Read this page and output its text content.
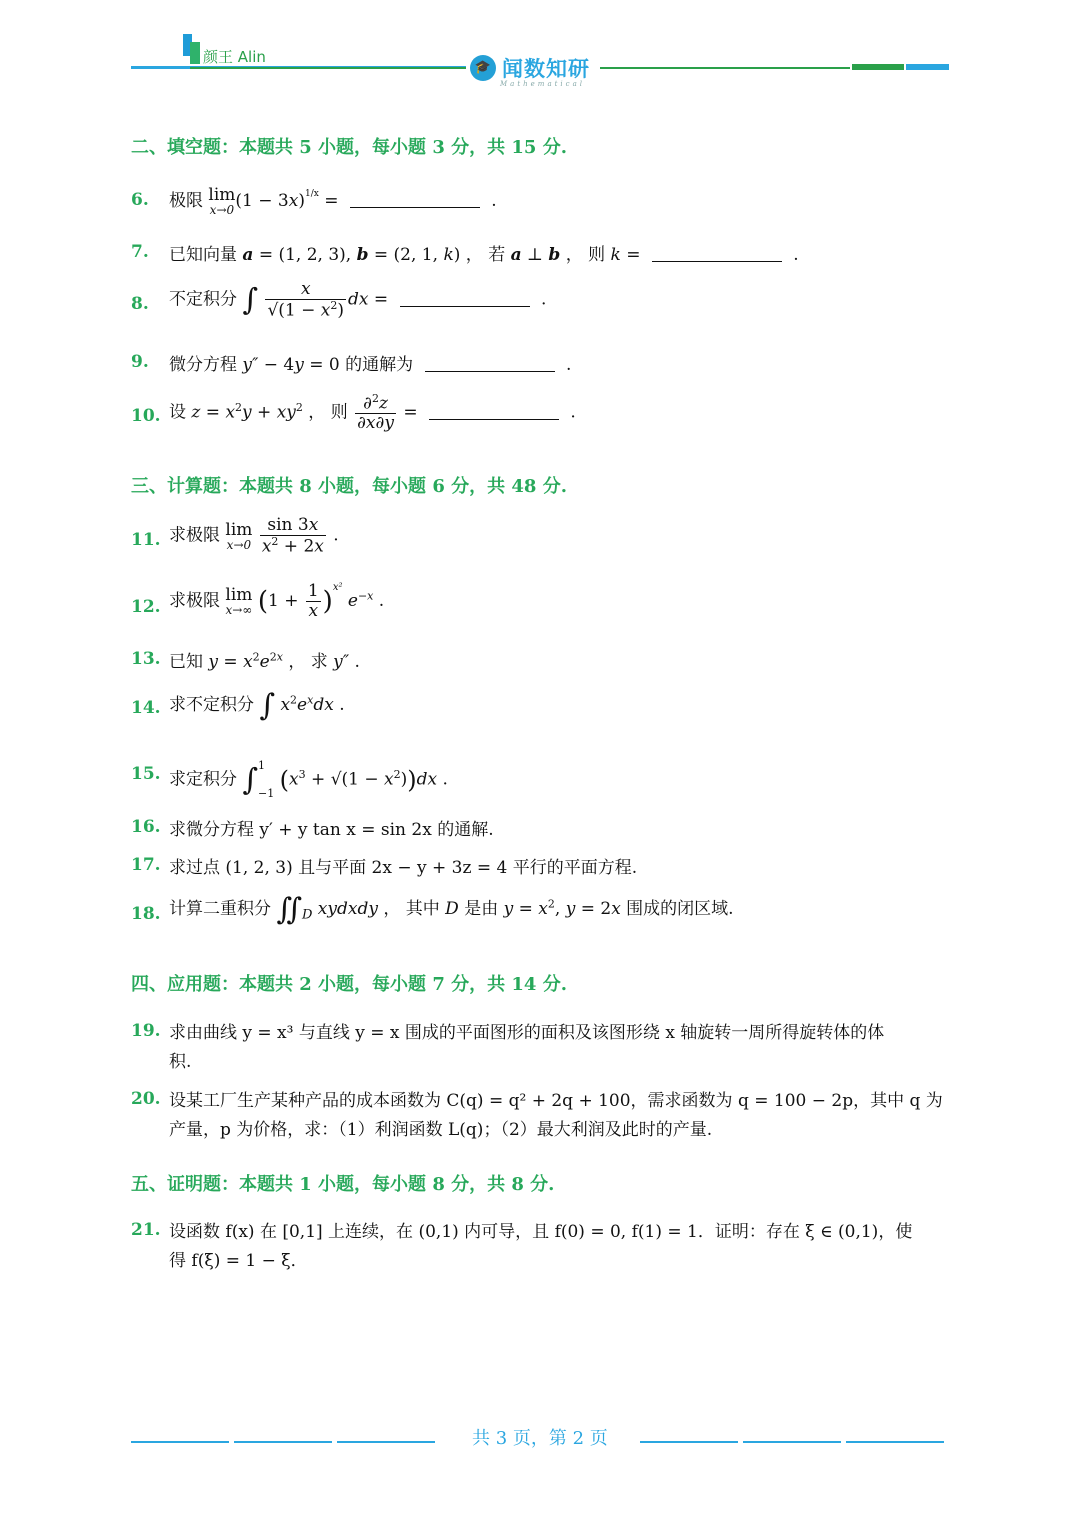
颜王 Alin
🎓 闻数知研
Mathematical
二、填空题：本题共 5 小题，每小题 3 分，共 15 分.
6. 极限 lim
x→0 $(1 - 3x)^{1/x}$ =	.
7. 已知向量 a = (1, 2, 3), b = (2, 1, k) ， 若 a ⊥ b ， 则 k =	.
8. 不定积分 ∫ $\frac{x}{√(1 - x^2)}$ dx =	.
9. 微分方程 y″ − 4y = 0 的通解为	.
10. 设 $z = x^2y + xy^2$ ， 则 $\frac{\partial^2z}{\partial x\partial y}$ =	.
三、计算题：本题共 8 小题，每小题 6 分，共 48 分.
11. 求极限 lim
x→0
$\frac{\sin 3x}{x^2 + 2x}$ .
12. 求极限 lim
x→∞ $(1 + \frac{1}{x} )^{x^2}$ $e^{-x}$ .
13. 已知 $y = x^2e^{2x}$ ， 求 y″ .
14. 求不定积分 ∫ $x^2e^xdx$ .
15. 求定积分 ∫1
−1 $(x^3 + √(1 - x^2))dx$ .
16. 求微分方程 y′ + y tan x = sin 2x 的通解.
17. 求过点 (1, 2, 3) 且与平面 2x − y + 3z = 4 平行的平面方程.
18. 计算二重积分 $∬_D$ xydxdy ， 其中 D 是由 $y = x^2$, y = 2x 围成的闭区域.
四、应用题：本题共 2 小题，每小题 7 分，共 14 分.
19. 求由曲线 y = x³ 与直线 y = x 围成的平面图形的面积及该图形绕 x 轴旋转一周所得旋转体的体
积.
20. 设某工厂生产某种产品的成本函数为 C(q) = q² + 2q + 100，需求函数为 q = 100 − 2p，其中 q 为
产量，p 为价格，求：（1）利润函数 L(q)；（2）最大利润及此时的产量.
五、证明题：本题共 1 小题，每小题 8 分，共 8 分.
21. 设函数 f(x) 在 [0,1] 上连续，在 (0,1) 内可导，且 f(0) = 0, f(1) = 1．证明：存在 ξ ∈ (0,1)，使
得 f(ξ) = 1 − ξ．
共 3 页，第 2 页
